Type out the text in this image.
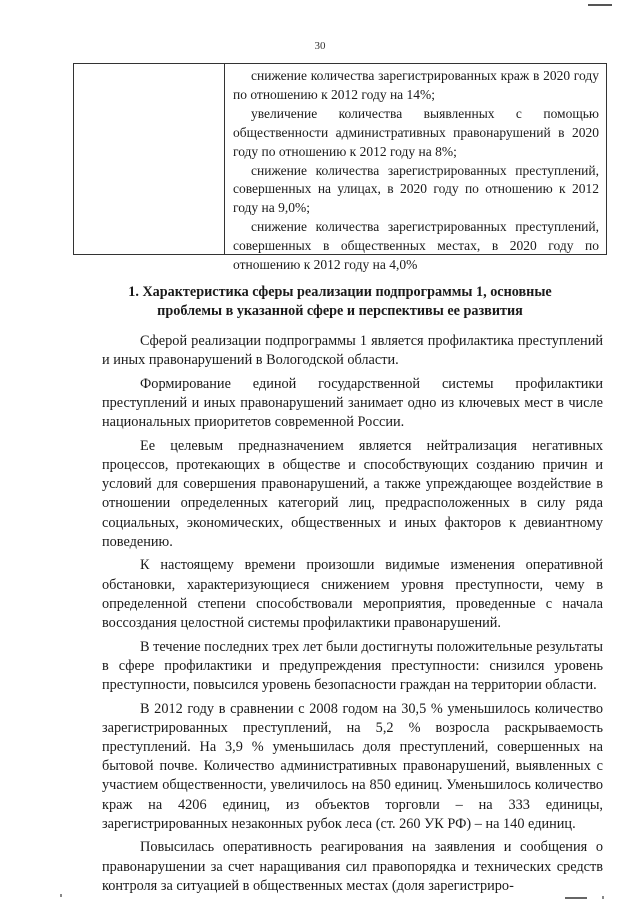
30

снижение количества зарегистрированных краж в 2020 году по отношению к 2012 году на 14%;

увеличение количества выявленных с помощью общественности административных правонарушений в 2020 году по отношению к 2012 году на 8%;

снижение количества зарегистрированных преступлений, совершенных на улицах, в 2020 году по отношению к 2012 году на 9,0%;

снижение количества зарегистрированных преступлений, совершенных в общественных местах, в 2020 году по отношению к 2012 году на 4,0%

1. Характеристика сферы реализации подпрограммы 1, основные
проблемы в указанной сфере и перспективы ее развития

Сферой реализации подпрограммы 1 является профилактика преступлений и иных правонарушений в Вологодской области.

Формирование единой государственной системы профилактики преступлений и иных правонарушений занимает одно из ключевых мест в числе национальных приоритетов современной России.

Ее целевым предназначением является нейтрализация негативных процессов, протекающих в обществе и способствующих созданию причин и условий для совершения правонарушений, а также упреждающее воздействие в отношении определенных категорий лиц, предрасположенных в силу ряда социальных, экономических, общественных и иных факторов к девиантному поведению.

К настоящему времени произошли видимые изменения оперативной обстановки, характеризующиеся снижением уровня преступности, чему в определенной степени способствовали мероприятия, проведенные с начала воссоздания целостной системы профилактики правонарушений.

В течение последних трех лет были достигнуты положительные результаты в сфере профилактики и предупреждения преступности: снизился уровень преступности, повысился уровень безопасности граждан на территории области.

В 2012 году в сравнении с 2008 годом на 30,5 % уменьшилось количество зарегистрированных преступлений, на 5,2 % возросла раскрываемость преступлений. На 3,9 % уменьшилась доля преступлений, совершенных на бытовой почве. Количество административных правонарушений, выявленных с участием общественности, увеличилось на 850 единиц. Уменьшилось количество краж на 4206 единиц, из объектов торговли – на 333 единицы, зарегистрированных незаконных рубок леса (ст. 260 УК РФ) – на 140 единиц.

Повысилась оперативность реагирования на заявления и сообщения о правонарушении за счет наращивания сил правопорядка и технических средств контроля за ситуацией в общественных местах (доля зарегистриро-
